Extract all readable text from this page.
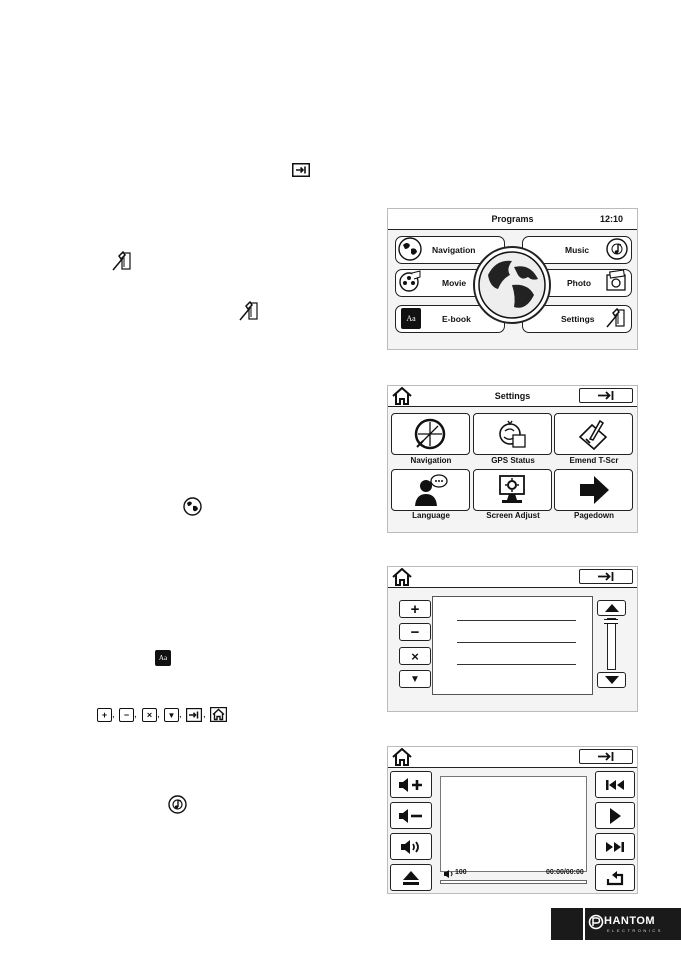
Aa
+ ,	− ,	× , ▼ , ,
Programs	12:10
Navigation
Movie
Aa	E-book
Music
Photo
Settings
Settings
Navigation	GPS Status	Emend T-Scr
Language	Screen Adjust	Pagedown
+
−
×
▼
100	00:00/00:00
HANTOM
ELECTRONICS
